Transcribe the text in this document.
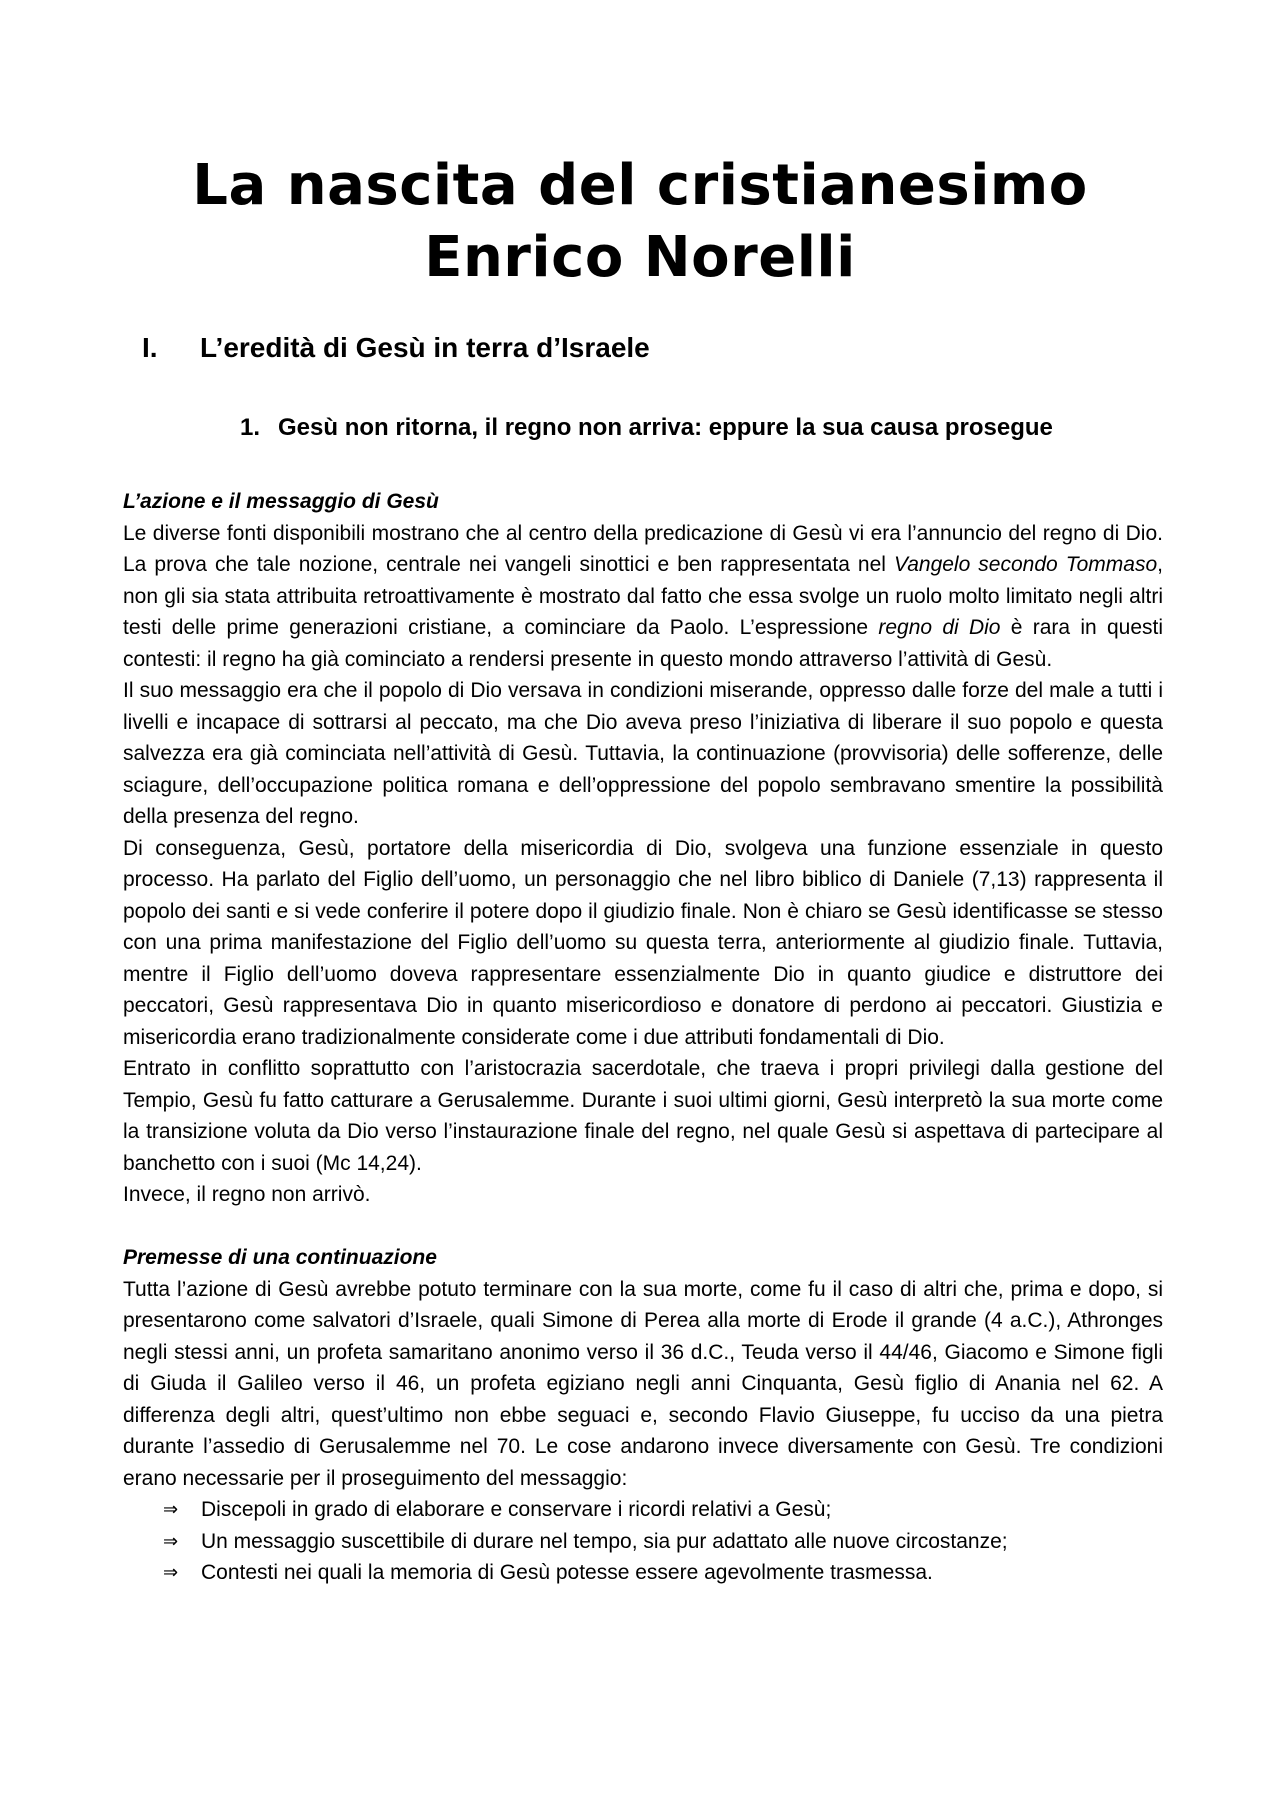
La nascita del cristianesimo
Enrico Norelli
I. L’eredità di Gesù in terra d’Israele
1. Gesù non ritorna, il regno non arriva: eppure la sua causa prosegue
L’azione e il messaggio di Gesù

Le diverse fonti disponibili mostrano che al centro della predicazione di Gesù vi era l’annuncio del regno di Dio. La prova che tale nozione, centrale nei vangeli sinottici e ben rappresentata nel Vangelo secondo Tommaso, non gli sia stata attribuita retroattivamente è mostrato dal fatto che essa svolge un ruolo molto limitato negli altri testi delle prime generazioni cristiane, a cominciare da Paolo. L’espressione regno di Dio è rara in questi contesti: il regno ha già cominciato a rendersi presente in questo mondo attraverso l’attività di Gesù.

Il suo messaggio era che il popolo di Dio versava in condizioni miserande, oppresso dalle forze del male a tutti i livelli e incapace di sottrarsi al peccato, ma che Dio aveva preso l’iniziativa di liberare il suo popolo e questa salvezza era già cominciata nell’attività di Gesù. Tuttavia, la continuazione (provvisoria) delle sofferenze, delle sciagure, dell’occupazione politica romana e dell’oppressione del popolo sembravano smentire la possibilità della presenza del regno.

Di conseguenza, Gesù, portatore della misericordia di Dio, svolgeva una funzione essenziale in questo processo. Ha parlato del Figlio dell’uomo, un personaggio che nel libro biblico di Daniele (7,13) rappresenta il popolo dei santi e si vede conferire il potere dopo il giudizio finale. Non è chiaro se Gesù identificasse se stesso con una prima manifestazione del Figlio dell’uomo su questa terra, anteriormente al giudizio finale. Tuttavia, mentre il Figlio dell’uomo doveva rappresentare essenzialmente Dio in quanto giudice e distruttore dei peccatori, Gesù rappresentava Dio in quanto misericordioso e donatore di perdono ai peccatori. Giustizia e misericordia erano tradizionalmente considerate come i due attributi fondamentali di Dio.

Entrato in conflitto soprattutto con l’aristocrazia sacerdotale, che traeva i propri privilegi dalla gestione del Tempio, Gesù fu fatto catturare a Gerusalemme. Durante i suoi ultimi giorni, Gesù interpretò la sua morte come la transizione voluta da Dio verso l’instaurazione finale del regno, nel quale Gesù si aspettava di partecipare al banchetto con i suoi (Mc 14,24).

Invece, il regno non arrivò.

Premesse di una continuazione

Tutta l’azione di Gesù avrebbe potuto terminare con la sua morte, come fu il caso di altri che, prima e dopo, si presentarono come salvatori d’Israele, quali Simone di Perea alla morte di Erode il grande (4 a.C.), Athronges negli stessi anni, un profeta samaritano anonimo verso il 36 d.C., Teuda verso il 44/46, Giacomo e Simone figli di Giuda il Galileo verso il 46, un profeta egiziano negli anni Cinquanta, Gesù figlio di Anania nel 62. A differenza degli altri, quest’ultimo non ebbe seguaci e, secondo Flavio Giuseppe, fu ucciso da una pietra durante l’assedio di Gerusalemme nel 70. Le cose andarono invece diversamente con Gesù. Tre condizioni erano necessarie per il proseguimento del messaggio:

⇒ Discepoli in grado di elaborare e conservare i ricordi relativi a Gesù;
⇒ Un messaggio suscettibile di durare nel tempo, sia pur adattato alle nuove circostanze;
⇒ Contesti nei quali la memoria di Gesù potesse essere agevolmente trasmessa.
